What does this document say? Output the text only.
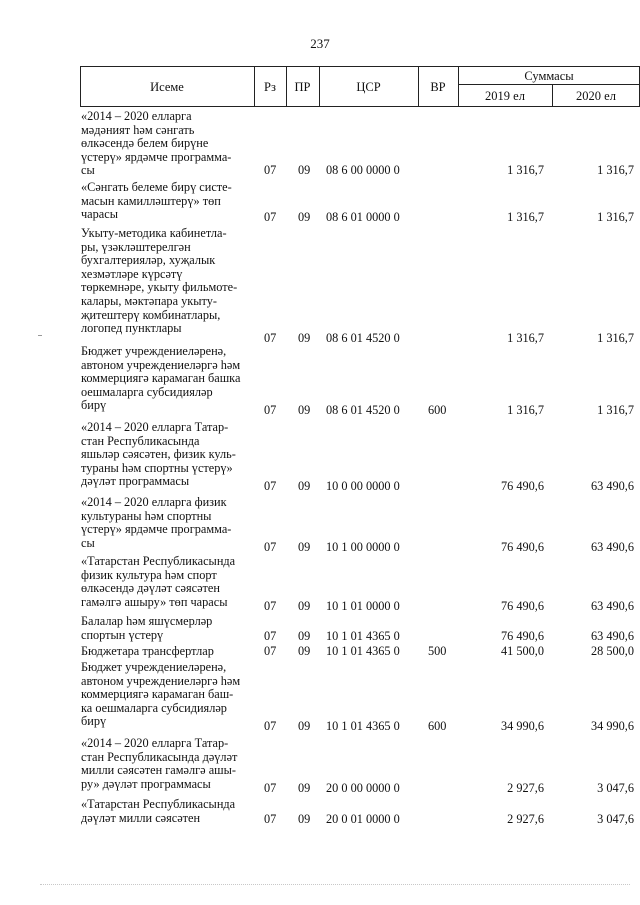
237
Исеме	Рз	ПР	ЦСР	ВР
Суммасы
2019 ел	2020 ел
«2014 – 2020 елларга
мәдәният һәм сәнгать
өлкәсендә белем бирүне
үстерү» ярдәмче программа-
сы	07	09	08 6 00 0000 0	1 316,7	1 316,7
«Сәнгать белеме бирү систе-
масын камилләштерү» төп
чарасы	07	09	08 6 01 0000 0	1 316,7	1 316,7
Укыту-методика кабинетла-
ры, үзәкләштерелгән
бухгалтерияләр, хуҗалык
хезмәтләре күрсәтү
төркемнәре, укыту фильмоте-
калары, мәктәпара укыту-
җитештерү комбинатлары,
логопед пунктлары
07	09	08 6 01 4520 0	1 316,7	1 316,7
Бюджет учреждениеләренә,
автоном учреждениеләргә һәм
коммерциягә карамаган башка
оешмаларга субсидияләр
бирү	07	09	08 6 01 4520 0	600	1 316,7	1 316,7
«2014 – 2020 елларга Татар-
стан Республикасында
яшьләр сәясәтен, физик куль-
тураны һәм спортны үстерү»
дәүләт программасы	07	09	10 0 00 0000 0	76 490,6	63 490,6
«2014 – 2020 елларга физик
культураны һәм спортны
үстерү» ярдәмче программа-
сы	07	09	10 1 00 0000 0	76 490,6	63 490,6
«Татарстан Республикасында
физик культура һәм спорт
өлкәсендә дәүләт сәясәтен
гамәлгә ашыру» төп чарасы	07	09	10 1 01 0000 0	76 490,6	63 490,6
Балалар һәм яшүсмерләр
спортын үстерү	07	09	10 1 01 4365 0	76 490,6	63 490,6
Бюджетара трансфертлар	07	09	10 1 01 4365 0	500	41 500,0	28 500,0
Бюджет учреждениеләренә,
автоном учреждениеләргә һәм
коммерциягә карамаган баш-
ка оешмаларга субсидияләр
бирү	07	09	10 1 01 4365 0	600	34 990,6	34 990,6
«2014 – 2020 елларга Татар-
стан Республикасында дәүләт
милли сәясәтен гамәлгә ашы-
ру» дәүләт программасы	07	09	20 0 00 0000 0	2 927,6	3 047,6
«Татарстан Республикасында
дәүләт милли сәясәтен	07	09	20 0 01 0000 0	2 927,6	3 047,6
